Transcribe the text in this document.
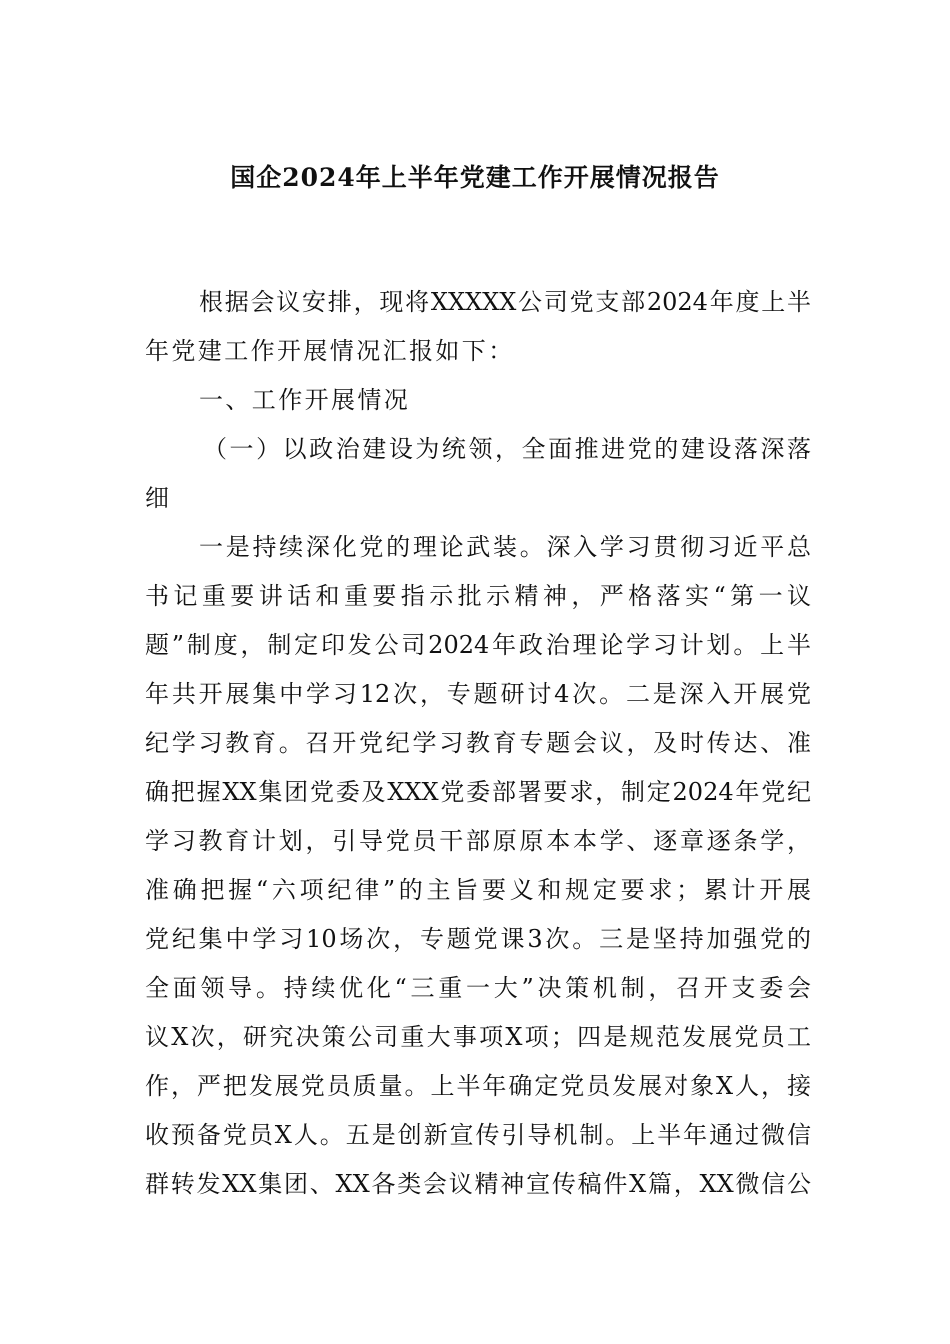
国企2024年上半年党建工作开展情况报告
根据会议安排，现将XXXXX公司党支部2024年度上半
年党建工作开展情况汇报如下：
一、工作开展情况
（一）以政治建设为统领，全面推进党的建设落深落
细
一是持续深化党的理论武装。深入学习贯彻习近平总
书记重要讲话和重要指示批示精神，严格落实“第一议
题”制度，制定印发公司2024年政治理论学习计划。上半
年共开展集中学习12次，专题研讨4次。二是深入开展党
纪学习教育。召开党纪学习教育专题会议，及时传达、准
确把握XX集团党委及XXX党委部署要求，制定2024年党纪
学习教育计划，引导党员干部原原本本学、逐章逐条学，
准确把握“六项纪律”的主旨要义和规定要求；累计开展
党纪集中学习10场次，专题党课3次。三是坚持加强党的
全面领导。持续优化“三重一大”决策机制，召开支委会
议X次，研究决策公司重大事项X项；四是规范发展党员工
作，严把发展党员质量。上半年确定党员发展对象X人，接
收预备党员X人。五是创新宣传引导机制。上半年通过微信
群转发XX集团、XX各类会议精神宣传稿件X篇，XX微信公
